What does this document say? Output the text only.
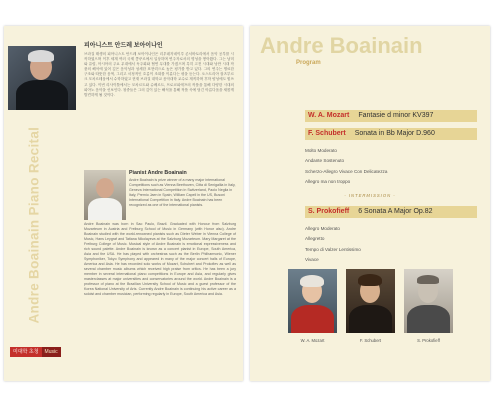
Andre Boainain Piano Recital
피아니스트 안드레 보아이나인
브라질 태생의 피아니스트 안드레 보아이나인은 리우데자네이루 콘서바토리에서 음악 공부를 시작하였으며 이후 세계 여러 국제 콩쿠르에서 입상하며 연주자로서의 명성을 쌓아왔다. 그는 남미와 유럽, 아시아의 주요 무대에서 독주회와 협연 무대를 가졌으며 특히 고전 시대와 낭만 시대 작품의 해석에 있어 깊은 음악성과 섬세한 표현력으로 높은 평가를 받고 있다. 그의 연주는 명료한 구조와 따뜻한 음색, 그리고 서정적인 흐름이 조화를 이룬다는 평을 듣는다. 오스트리아 잘츠부르크 모차르테움에서 수학하였고 현재 브라질 대학교 음악대학 교수로 재직하며 후학 양성에도 힘쓰고 있다. 이번 리사이틀에서는 모차르트와 슈베르트, 프로코피에프의 작품을 통해 다양한 시대의 피아노 음악을 선보인다. 청중들은 그의 깊이 있는 해석을 통해 작품 속에 담긴 아름다움을 새롭게 발견하게 될 것이다.
Pianist Andre Boainain
Andre Boainain is prize winner of a many major international Competitions such as Vienna Beethoven, Citta di Senigallia in Italy, Geneva International Competition in Switzerland, Paolo Neglia in Italy, Premio Jaen in Spain, William Capell in the US, Busoni International Competition in Italy. Andre Boainain has been recognized as one of the international pianists.
Andre Boainain was born in Sao Paulo, Brazil. Graduated with Honour from Salzburg Mozarteum in Austria and Freiburg School of Music in Germany (with Honor also). Andre Boainain studied with the world-renowned pianists such as Dieter Weber in Vienna College of Music, Hans Leygraf and Tatiana Nikolayeva at the Salzburg Mozarteum. Mary Margaret at the Freiburg College of Music. Musical style of Andre Boainain is emotional expressiveness and rich sound palette. Andre Boainain is known as a concert pianist in Europe, South America, Asia and the USA. He has played with orchestras such as the Berlin Philharmonic, Wiener Symphoniker, Tokyo Symphony and appeared in many of the major concert halls of Europe, America and Asia. He has recorded solo works of Mozart, Schubert and Prokofiev as well as several chamber music albums which received high praise from critics. He has been a jury member in several international piano competitions in Europe and Asia, and regularly gives masterclasses at major universities and conservatories around the world. Andre Boainain is a professor of piano at the Brazilian University School of Music and a guest professor of the Korea National University of Arts. Currently Andre Boainain is continuing his active career as a soloist and chamber musician, performing regularly in Europe, South America and Asia.
미대학 초청	Music
Andre Boainain
Program
W. A. Mozart Fantasie d minor KV397
F. Schubert Sonata in Bb Major D.960
Molto Moderato
Andante Sostenuto
Scherzo-Allegro Vivace Con Delicatezza
Allegro ma non troppo
- INTERMISSION -
S. Prokofieff 6 Sonata A Major Op.82
Allegro Moderato
Allegretto
Tempo di Valzer Lentissimo
Vivace
W. A. Mozart	F. Schubert	S. Prokofieff
